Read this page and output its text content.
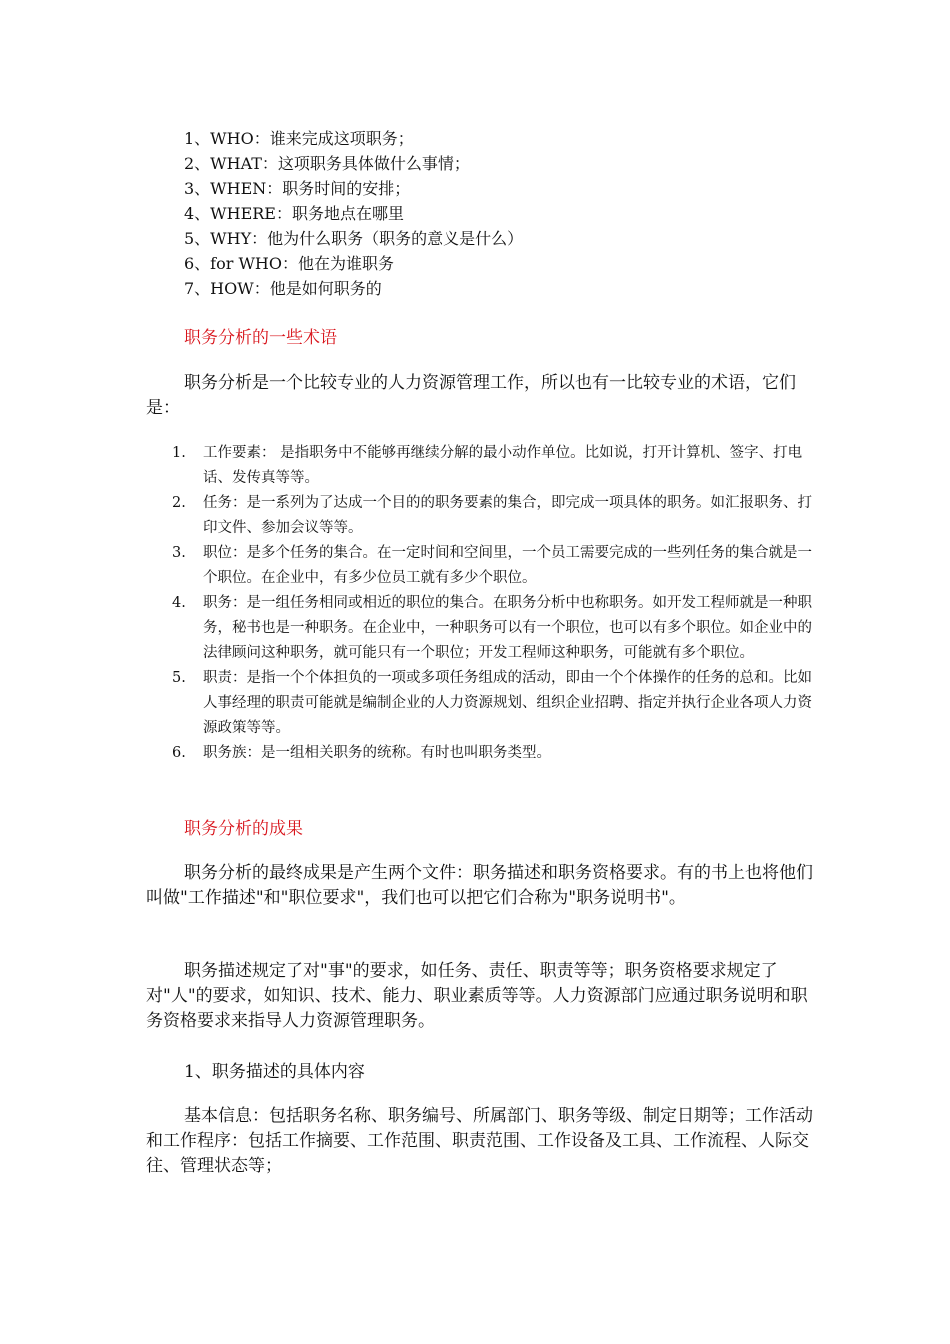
1、WHO：谁来完成这项职务；
2、WHAT：这项职务具体做什么事情；
3、WHEN：职务时间的安排；
4、WHERE：职务地点在哪里
5、WHY：他为什么职务（职务的意义是什么）
6、for WHO：他在为谁职务
7、HOW：他是如何职务的
职务分析的一些术语

职务分析是一个比较专业的人力资源管理工作，所以也有一比较专业的术语，它们是：

1. 工作要素： 是指职务中不能够再继续分解的最小动作单位。比如说，打开计算机、签字、打电话、发传真等等。
2. 任务：是一系列为了达成一个目的的职务要素的集合，即完成一项具体的职务。如汇报职务、打印文件、参加会议等等。
3. 职位：是多个任务的集合。在一定时间和空间里，一个员工需要完成的一些列任务的集合就是一个职位。在企业中，有多少位员工就有多少个职位。
4. 职务：是一组任务相同或相近的职位的集合。在职务分析中也称职务。如开发工程师就是一种职务，秘书也是一种职务。在企业中，一种职务可以有一个职位，也可以有多个职位。如企业中的法律顾问这种职务，就可能只有一个职位；开发工程师这种职务，可能就有多个职位。
5. 职责：是指一个个体担负的一项或多项任务组成的活动，即由一个个体操作的任务的总和。比如人事经理的职责可能就是编制企业的人力资源规划、组织企业招聘、指定并执行企业各项人力资源政策等等。
6. 职务族：是一组相关职务的统称。有时也叫职务类型。
职务分析的成果

职务分析的最终成果是产生两个文件：职务描述和职务资格要求。有的书上也将他们叫做"工作描述"和"职位要求"，我们也可以把它们合称为"职务说明书"。

职务描述规定了对"事"的要求，如任务、责任、职责等等；职务资格要求规定了对"人"的要求，如知识、技术、能力、职业素质等等。人力资源部门应通过职务说明和职务资格要求来指导人力资源管理职务。

1、职务描述的具体内容

基本信息：包括职务名称、职务编号、所属部门、职务等级、制定日期等；工作活动和工作程序：包括工作摘要、工作范围、职责范围、工作设备及工具、工作流程、人际交往、管理状态等；
